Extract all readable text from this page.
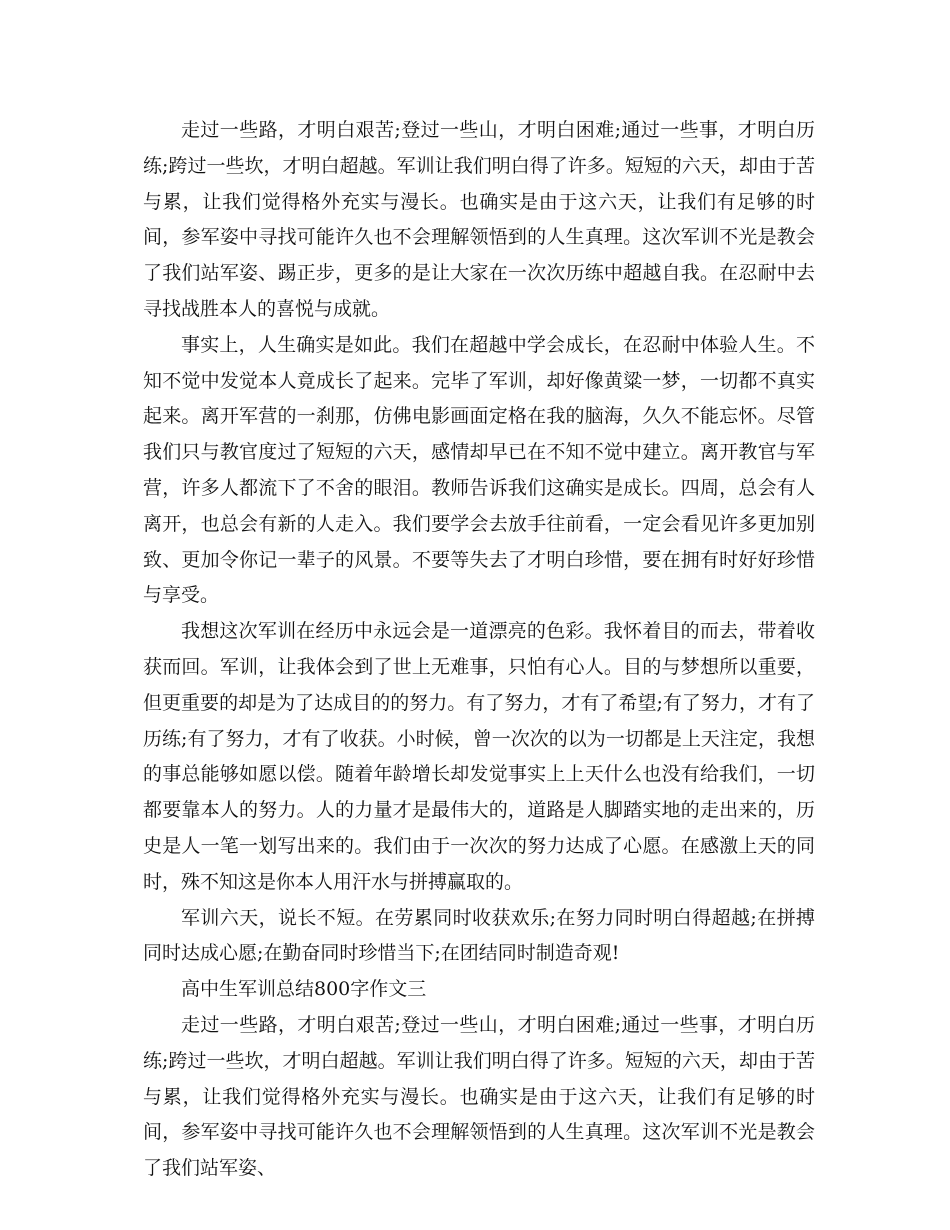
走过一些路，才明白艰苦;登过一些山，才明白困难;通过一些事，才明白历练;跨过一些坎，才明白超越。军训让我们明白得了许多。短短的六天，却由于苦与累，让我们觉得格外充实与漫长。也确实是由于这六天，让我们有足够的时间，参军姿中寻找可能许久也不会理解领悟到的人生真理。这次军训不光是教会了我们站军姿、踢正步，更多的是让大家在一次次历练中超越自我。在忍耐中去寻找战胜本人的喜悦与成就。

事实上，人生确实是如此。我们在超越中学会成长，在忍耐中体验人生。不知不觉中发觉本人竟成长了起来。完毕了军训，却好像黄粱一梦，一切都不真实起来。离开军营的一刹那，仿佛电影画面定格在我的脑海，久久不能忘怀。尽管我们只与教官度过了短短的六天，感情却早已在不知不觉中建立。离开教官与军营，许多人都流下了不舍的眼泪。教师告诉我们这确实是成长。四周，总会有人离开，也总会有新的人走入。我们要学会去放手往前看，一定会看见许多更加别致、更加令你记一辈子的风景。不要等失去了才明白珍惜，要在拥有时好好珍惜与享受。

我想这次军训在经历中永远会是一道漂亮的色彩。我怀着目的而去，带着收获而回。军训，让我体会到了世上无难事，只怕有心人。目的与梦想所以重要，但更重要的却是为了达成目的的努力。有了努力，才有了希望;有了努力，才有了历练;有了努力，才有了收获。小时候，曾一次次的以为一切都是上天注定，我想的事总能够如愿以偿。随着年龄增长却发觉事实上上天什么也没有给我们，一切都要靠本人的努力。人的力量才是最伟大的，道路是人脚踏实地的走出来的，历史是人一笔一划写出来的。我们由于一次次的努力达成了心愿。在感激上天的同时，殊不知这是你本人用汗水与拼搏赢取的。

军训六天，说长不短。在劳累同时收获欢乐;在努力同时明白得超越;在拼搏同时达成心愿;在勤奋同时珍惜当下;在团结同时制造奇观!

高中生军训总结800字作文三

走过一些路，才明白艰苦;登过一些山，才明白困难;通过一些事，才明白历练;跨过一些坎，才明白超越。军训让我们明白得了许多。短短的六天，却由于苦与累，让我们觉得格外充实与漫长。也确实是由于这六天，让我们有足够的时间，参军姿中寻找可能许久也不会理解领悟到的人生真理。这次军训不光是教会了我们站军姿、
